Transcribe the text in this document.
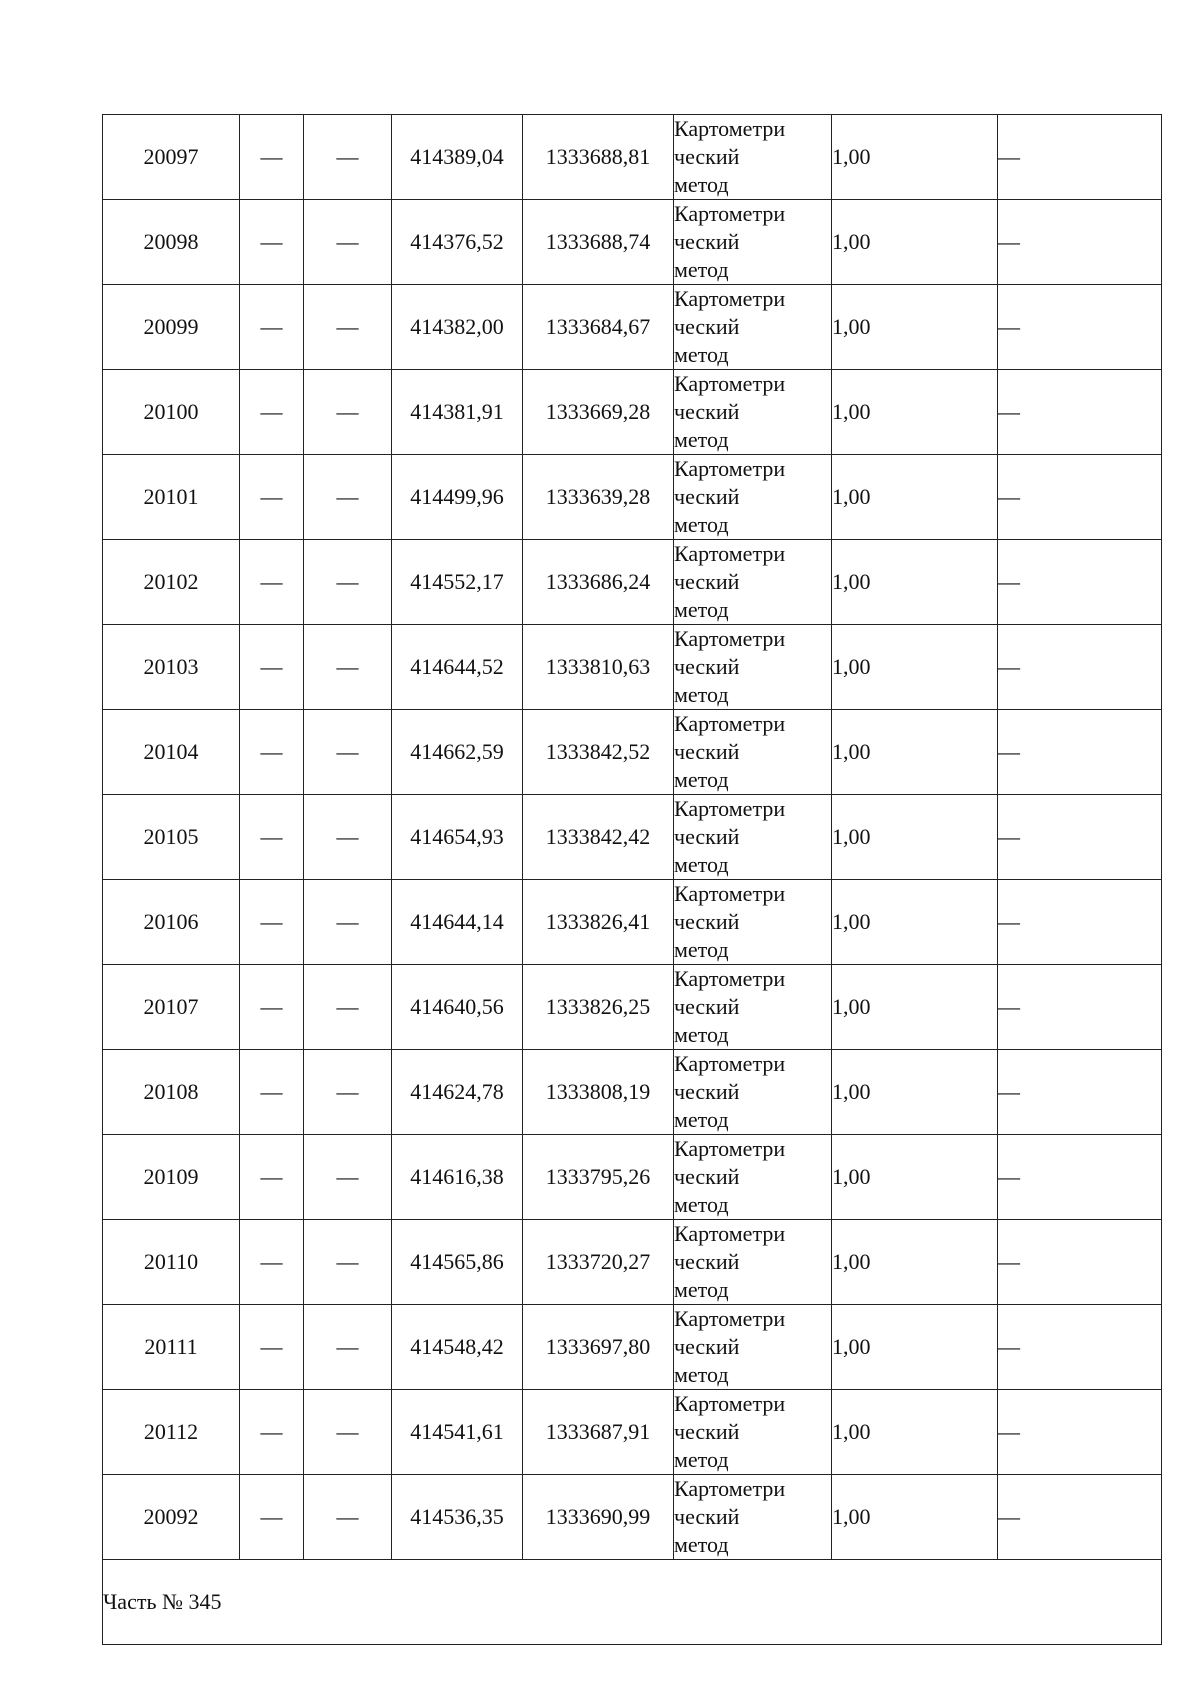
20097	—	—	414389,04	1333688,81	Картометри
ческий
метод	1,00	—
20098	—	—	414376,52	1333688,74	Картометри
ческий
метод	1,00	—
20099	—	—	414382,00	1333684,67	Картометри
ческий
метод	1,00	—
20100	—	—	414381,91	1333669,28	Картометри
ческий
метод	1,00	—
20101	—	—	414499,96	1333639,28	Картометри
ческий
метод	1,00	—
20102	—	—	414552,17	1333686,24	Картометри
ческий
метод	1,00	—
20103	—	—	414644,52	1333810,63	Картометри
ческий
метод	1,00	—
20104	—	—	414662,59	1333842,52	Картометри
ческий
метод	1,00	—
20105	—	—	414654,93	1333842,42	Картометри
ческий
метод	1,00	—
20106	—	—	414644,14	1333826,41	Картометри
ческий
метод	1,00	—
20107	—	—	414640,56	1333826,25	Картометри
ческий
метод	1,00	—
20108	—	—	414624,78	1333808,19	Картометри
ческий
метод	1,00	—
20109	—	—	414616,38	1333795,26	Картометри
ческий
метод	1,00	—
20110	—	—	414565,86	1333720,27	Картометри
ческий
метод	1,00	—
20111	—	—	414548,42	1333697,80	Картометри
ческий
метод	1,00	—
20112	—	—	414541,61	1333687,91	Картометри
ческий
метод	1,00	—
20092	—	—	414536,35	1333690,99	Картометри
ческий
метод	1,00	—
Часть № 345							
